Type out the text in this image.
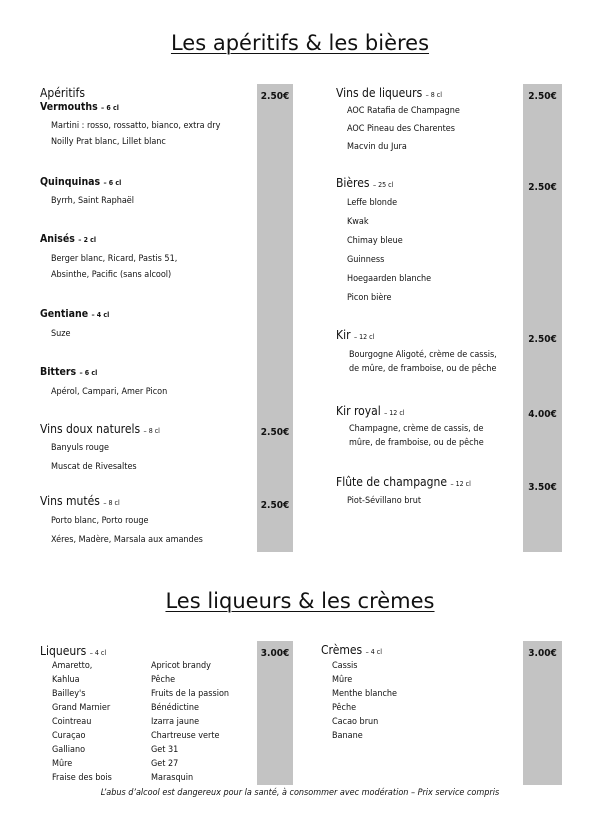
Les apéritifs & les bières
Les liqueurs & les crèmes
2.50€
2.50€
2.50€
2.50€
2.50€
2.50€
4.00€
3.50€
3.00€	3.00€
Apéritifs
Vermouths – 6 cl
Martini : rosso, rossatto, bianco, extra dry
Noilly Prat blanc, Lillet blanc
Quinquinas – 6 cl
Byrrh, Saint Raphaël
Anisés – 2 cl
Berger blanc, Ricard, Pastis 51,
Absinthe, Pacific (sans alcool)
Gentiane – 4 cl
Suze
Bitters – 6 cl
Apérol, Campari, Amer Picon
Vins doux naturels – 8 cl
Banyuls rouge
Muscat de Rivesaltes
Vins mutés – 8 cl
Porto blanc, Porto rouge
Xéres, Madère, Marsala aux amandes
Vins de liqueurs – 8 cl
AOC Ratafia de Champagne
AOC Pineau des Charentes
Macvin du Jura
Bières – 25 cl
Leffe blonde
Kwak
Chimay bleue
Guinness
Hoegaarden blanche
Picon bière
Kir – 12 cl
Bourgogne Aligoté, crème de cassis, de mûre, de framboise, ou de pêche
Kir royal – 12 cl
Champagne, crème de cassis, de mûre, de framboise, ou de pêche
Flûte de champagne – 12 cl
Piot-Sévillano brut
Liqueurs – 4 cl
Amaretto,
Kahlua
Bailley's
Grand Marnier
Cointreau
Curaçao
Galliano
Mûre
Fraise des bois
Apricot brandy
Pêche
Fruits de la passion
Bénédictine
Izarra jaune
Chartreuse verte
Get 31
Get 27
Marasquin
Crèmes – 4 cl
Cassis
Mûre
Menthe blanche
Pêche
Cacao brun
Banane
L’abus d’alcool est dangereux pour la santé, à consommer avec modération – Prix service compris
